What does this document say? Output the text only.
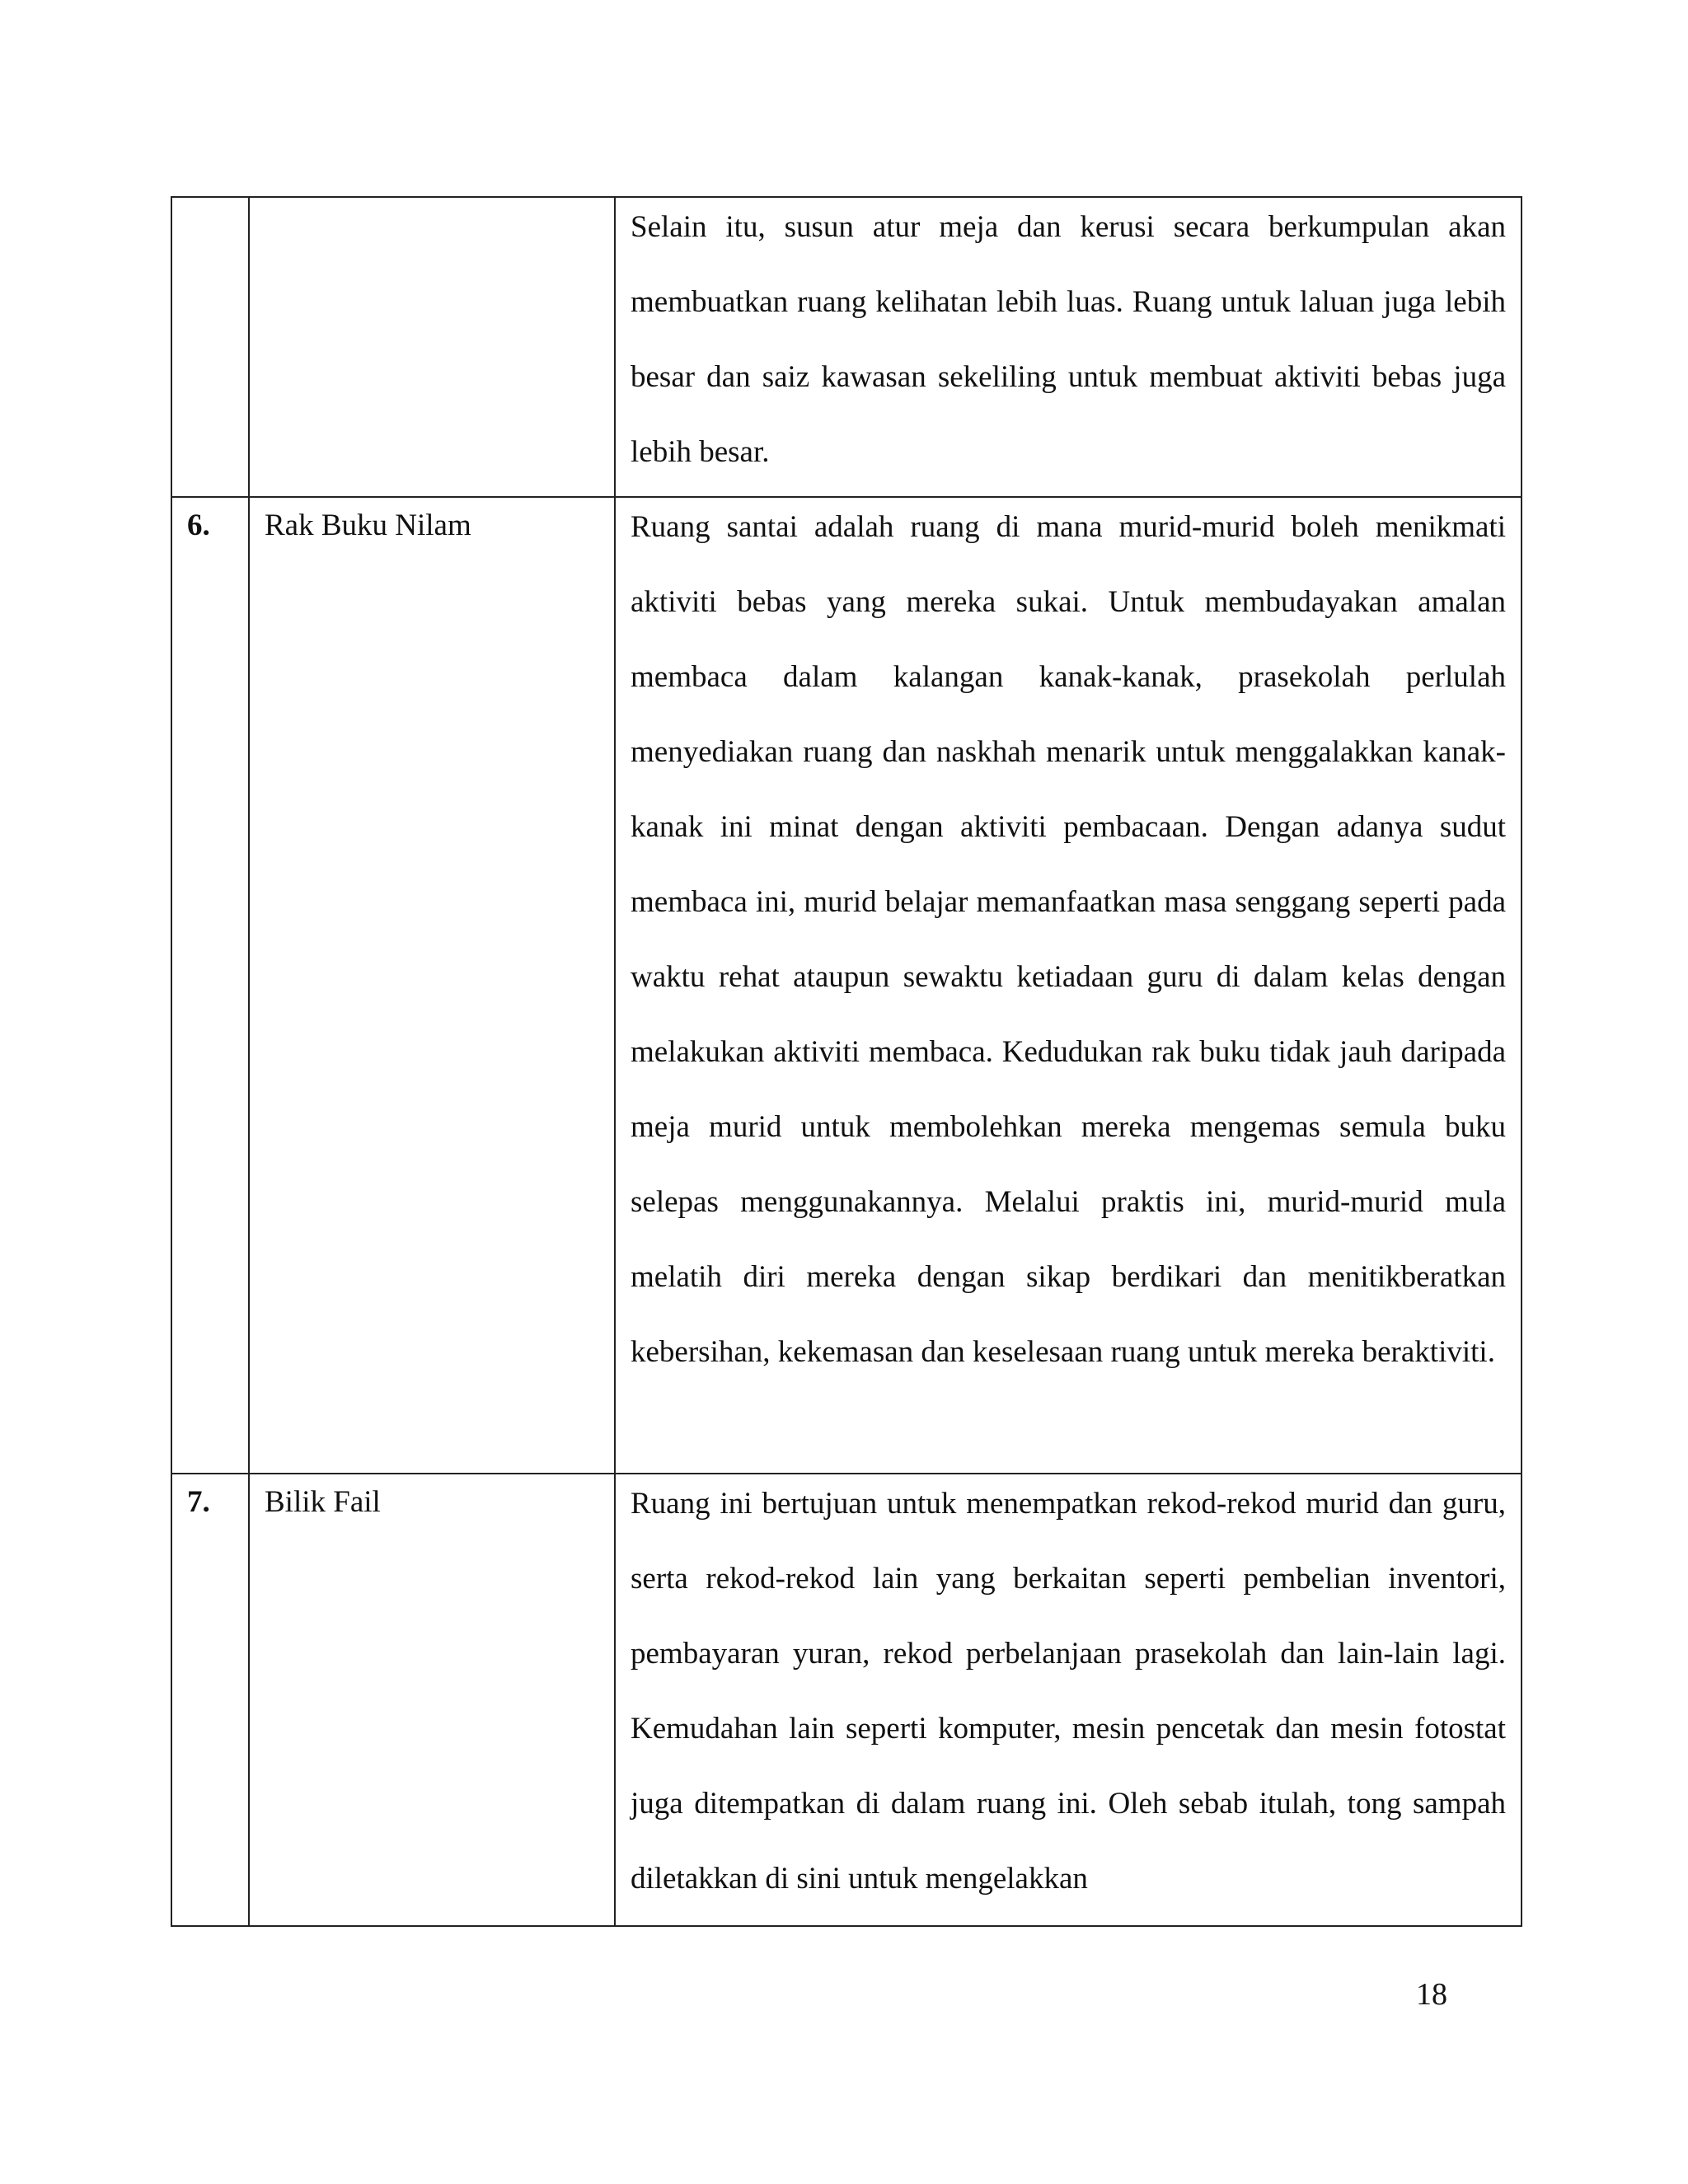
		Selain itu, susun atur meja dan kerusi secara berkumpulan akan membuatkan ruang kelihatan lebih luas. Ruang untuk laluan juga lebih besar dan saiz kawasan sekeliling untuk membuat aktiviti bebas juga lebih besar.

6.	Rak Buku Nilam	Ruang santai adalah ruang di mana murid-murid boleh menikmati aktiviti bebas yang mereka sukai. Untuk membudayakan amalan membaca dalam kalangan kanak-kanak, prasekolah perlulah menyediakan ruang dan naskhah menarik untuk menggalakkan kanak-kanak ini minat dengan aktiviti pembacaan. Dengan adanya sudut membaca ini, murid belajar memanfaatkan masa senggang seperti pada waktu rehat ataupun sewaktu ketiadaan guru di dalam kelas dengan melakukan aktiviti membaca. Kedudukan rak buku tidak jauh daripada meja murid untuk membolehkan mereka mengemas semula buku selepas menggunakannya. Melalui praktis ini, murid-murid mula melatih diri mereka dengan sikap berdikari dan menitikberatkan kebersihan, kekemasan dan keselesaan ruang untuk mereka beraktiviti.

7.	Bilik Fail	Ruang ini bertujuan untuk menempatkan rekod-rekod murid dan guru, serta rekod-rekod lain yang berkaitan seperti pembelian inventori, pembayaran yuran, rekod perbelanjaan prasekolah dan lain-lain lagi. Kemudahan lain seperti komputer, mesin pencetak dan mesin fotostat juga ditempatkan di dalam ruang ini. Oleh sebab itulah, tong sampah diletakkan di sini untuk mengelakkan
18
